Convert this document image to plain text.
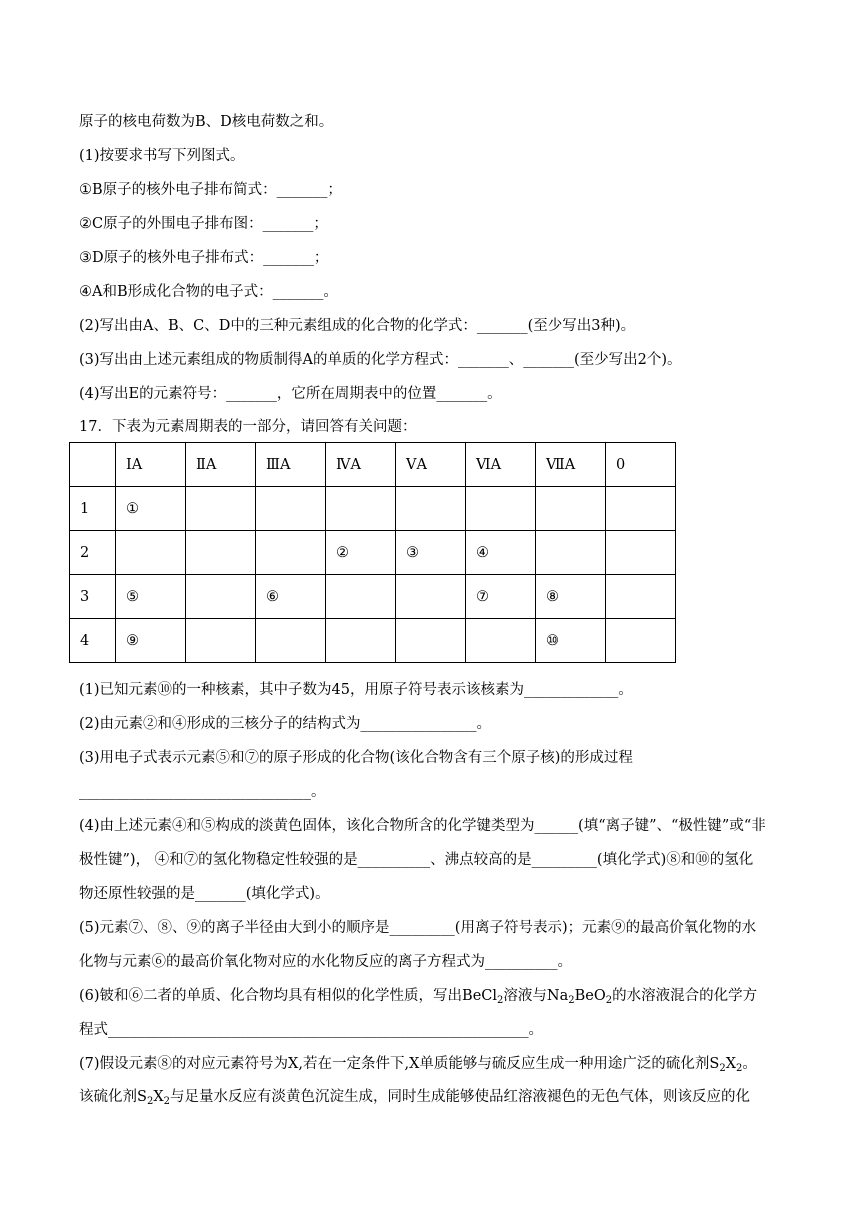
原子的核电荷数为B、D核电荷数之和。
(1)按要求书写下列图式。
①B原子的核外电子排布简式：_______；
②C原子的外围电子排布图：_______；
③D原子的核外电子排布式：_______；
④A和B形成化合物的电子式：_______。
(2)写出由A、B、C、D中的三种元素组成的化合物的化学式：_______(至少写出3种)。
(3)写出由上述元素组成的物质制得A的单质的化学方程式：_______、_______(至少写出2个)。
(4)写出E的元素符号：_______，它所在周期表中的位置_______。
17．下表为元素周期表的一部分，请回答有关问题：
	ⅠA	ⅡA	ⅢA	ⅣA	ⅤA	ⅥA	ⅦA	0
1	①							
2				②	③	④		
3	⑤		⑥			⑦	⑧	
4	⑨						⑩	
(1)已知元素⑩的一种核素，其中子数为45，用原子符号表示该核素为_____________。
(2)由元素②和④形成的三核分子的结构式为________________。
(3)用电子式表示元素⑤和⑦的原子形成的化合物(该化合物含有三个原子核)的形成过程
________________________________。
(4)由上述元素④和⑤构成的淡黄色固体，该化合物所含的化学键类型为______(填“离子键”、“极性键”或“非
极性键”)， ④和⑦的氢化物稳定性较强的是__________、沸点较高的是_________(填化学式)⑧和⑩的氢化
物还原性较强的是_______(填化学式)。
(5)元素⑦、⑧、⑨的离子半径由大到小的顺序是_________(用离子符号表示)；元素⑨的最高价氧化物的水
化物与元素⑥的最高价氧化物对应的水化物反应的离子方程式为__________。
(6)铍和⑥二者的单质、化合物均具有相似的化学性质，写出BeCl$_2$溶液与$Na_2BeO_2$的水溶液混合的化学方
程式__________________________________________________________。
(7)假设元素⑧的对应元素符号为X,若在一定条件下,X单质能够与硫反应生成一种用途广泛的硫化剂$S_2X_2$。
该硫化剂$S_2X_2$与足量水反应有淡黄色沉淀生成，同时生成能够使品红溶液褪色的无色气体，则该反应的化
